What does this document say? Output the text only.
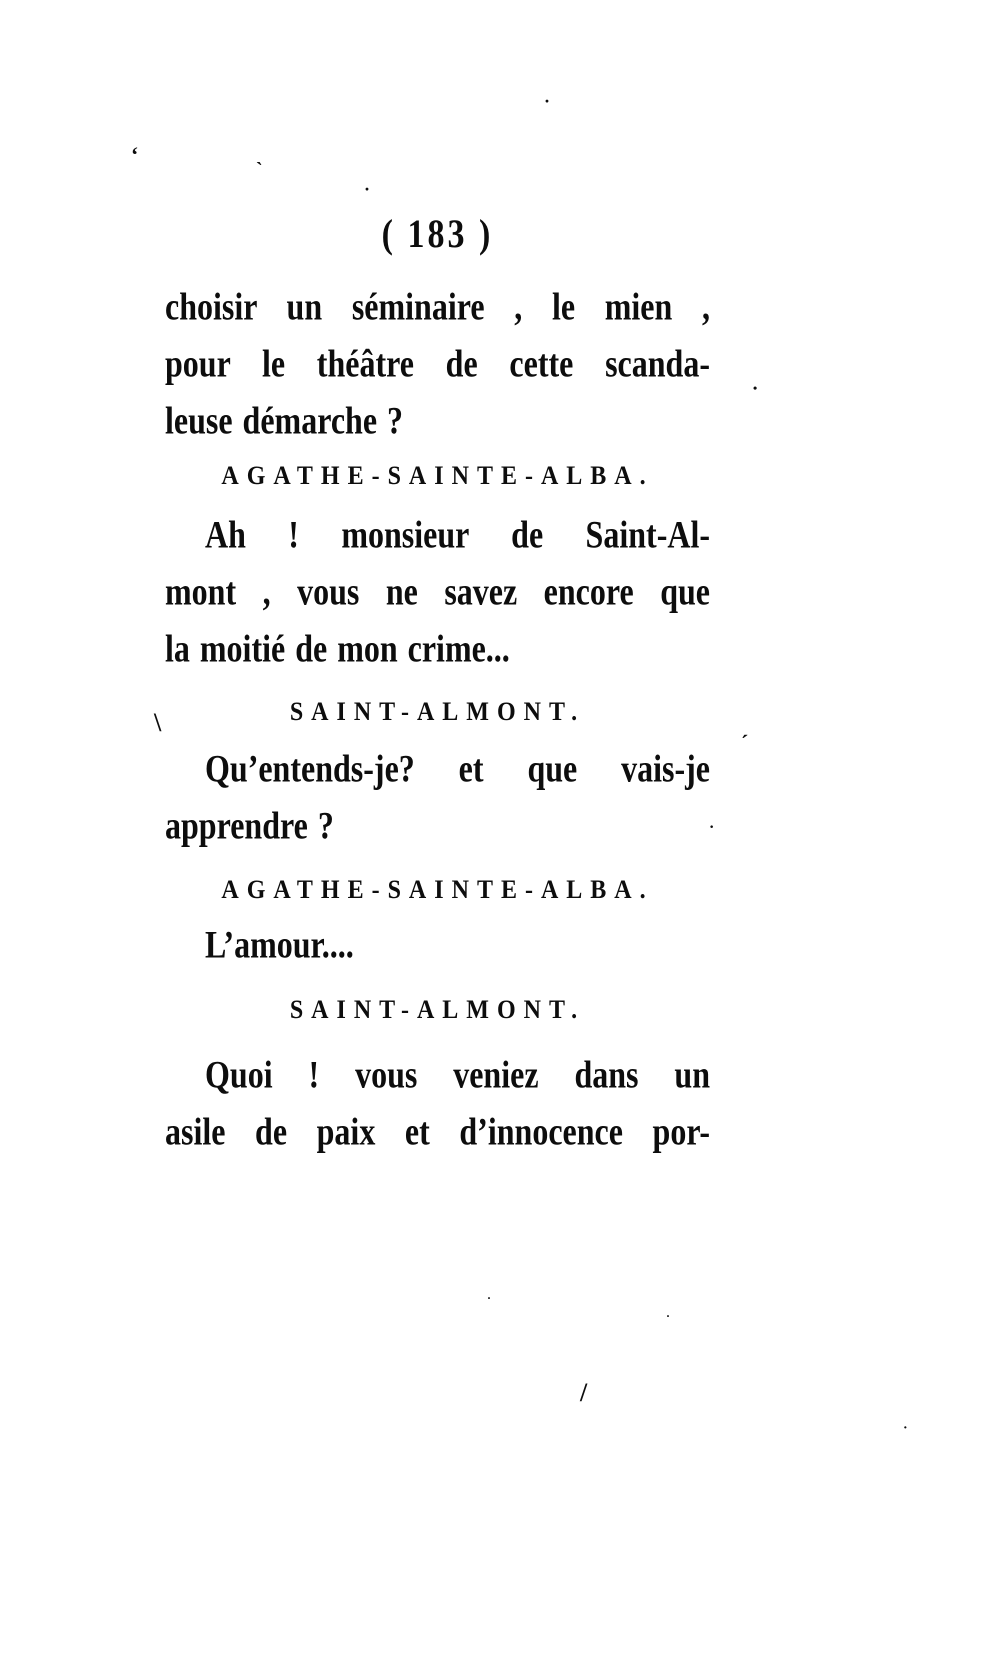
( 183 )
choisir un séminaire , le mien ,
pour le théâtre de cette scanda-
leuse démarche ?
AGATHE-SAINTE-ALBA.
Ah ! monsieur de Saint-Al-
mont , vous ne savez encore que
la moitié de mon crime...
SAINT-ALMONT.
Qu’entends-je? et que vais-je
apprendre ?
AGATHE-SAINTE-ALBA.
L’amour....
SAINT-ALMONT.
Quoi ! vous veniez dans un
asile de paix et d’innocence por-
‘
`
·
·
•
\
´
·
/
·
·
·
